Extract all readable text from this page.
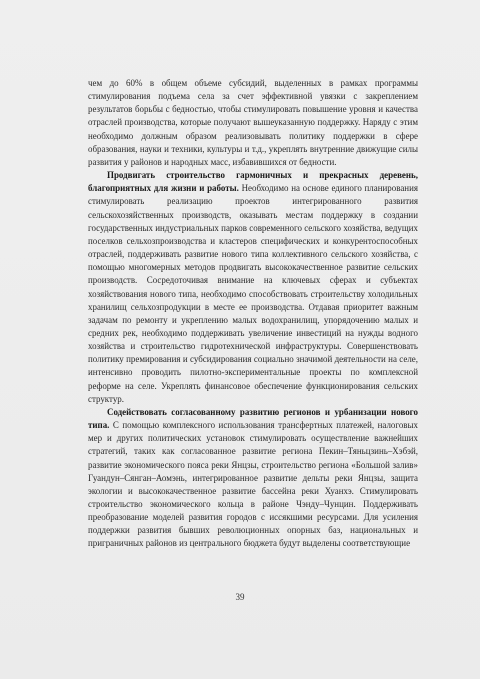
чем до 60% в общем объеме субсидий, выделенных в рамках программы стимулирования подъема села за счет эффективной увязки с закреплением результатов борьбы с бедностью, чтобы стимулировать повышение уровня и качества отраслей производства, которые получают вышеуказанную поддержку. Наряду с этим необходимо должным образом реализовывать политику поддержки в сфере образования, науки и техники, культуры и т.д., укреплять внутренние движущие силы развития у районов и народных масс, избавившихся от бедности.

Продвигать строительство гармоничных и прекрасных деревень, благоприятных для жизни и работы. Необходимо на основе единого планирования стимулировать реализацию проектов интегрированного развития сельскохозяйственных производств, оказывать местам поддержку в создании государственных индустриальных парков современного сельского хозяйства, ведущих поселков сельхозпроизводства и кластеров специфических и конкурентоспособных отраслей, поддерживать развитие нового типа коллективного сельского хозяйства, с помощью многомерных методов продвигать высококачественное развитие сельских производств. Сосредоточивая внимание на ключевых сферах и субъектах хозяйствования нового типа, необходимо способствовать строительству холодильных хранилищ сельхозпродукции в месте ее производства. Отдавая приоритет важным задачам по ремонту и укреплению малых водохранилищ, упорядочению малых и средних рек, необходимо поддерживать увеличение инвестиций на нужды водного хозяйства и строительство гидротехнической инфраструктуры. Совершенствовать политику премирования и субсидирования социально значимой деятельности на селе, интенсивно проводить пилотно-экспериментальные проекты по комплексной реформе на селе. Укреплять финансовое обеспечение функционирования сельских структур.

Содействовать согласованному развитию регионов и урбанизации нового типа. С помощью комплексного использования трансфертных платежей, налоговых мер и других политических установок стимулировать осуществление важнейших стратегий, таких как согласованное развитие региона Пекин–Тяньцзинь–Хэбэй, развитие экономического пояса реки Янцзы, строительство региона «Большой залив» Гуандун–Сянган–Аомэнь, интегрированное развитие дельты реки Янцзы, защита экологии и высококачественное развитие бассейна реки Хуанхэ. Стимулировать строительство экономического кольца в районе Чэнду–Чунцин. Поддерживать преобразование моделей развития городов с иссякшими ресурсами. Для усиления поддержки развития бывших революционных опорных баз, национальных и приграничных районов из центрального бюджета будут выделены соответствующие

39
